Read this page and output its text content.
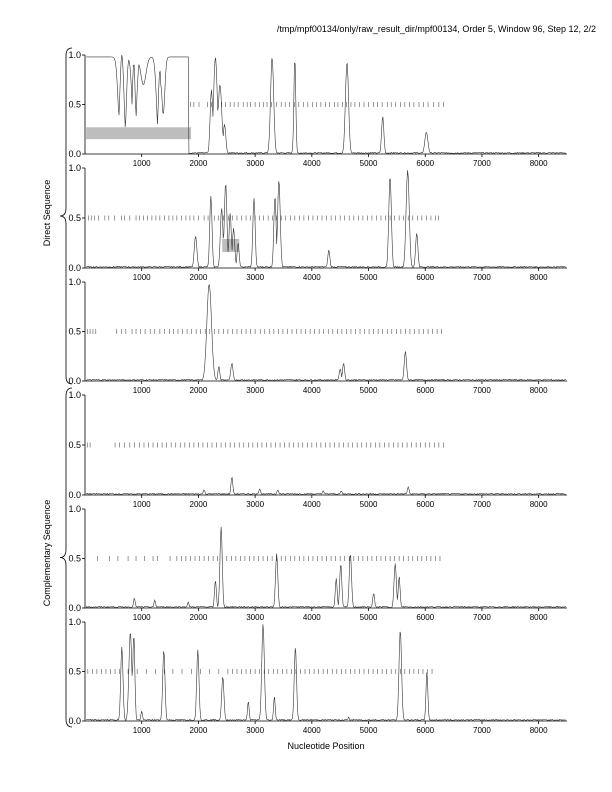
/tmp/mpf00134/only/raw_result_dir/mpf00134, Order 5, Window 96, Step 12, 2/2
Direct Sequence
Complementary Sequence
0.0
0.5
1.0
1000	2000	3000	4000	5000	6000	7000	8000
0.0
0.5
1.0
1000	2000	3000	4000	5000	6000	7000	8000
0.0
0.5
1.0
1000	2000	3000	4000	5000	6000	7000	8000
0.0
0.5
1.0
1000	2000	3000	4000	5000	6000	7000	8000
0.0
0.5
1.0
1000	2000	3000	4000	5000	6000	7000	8000
0.0
0.5
1.0
1000	2000	3000	4000	5000	6000	7000	8000
Nucleotide Position
